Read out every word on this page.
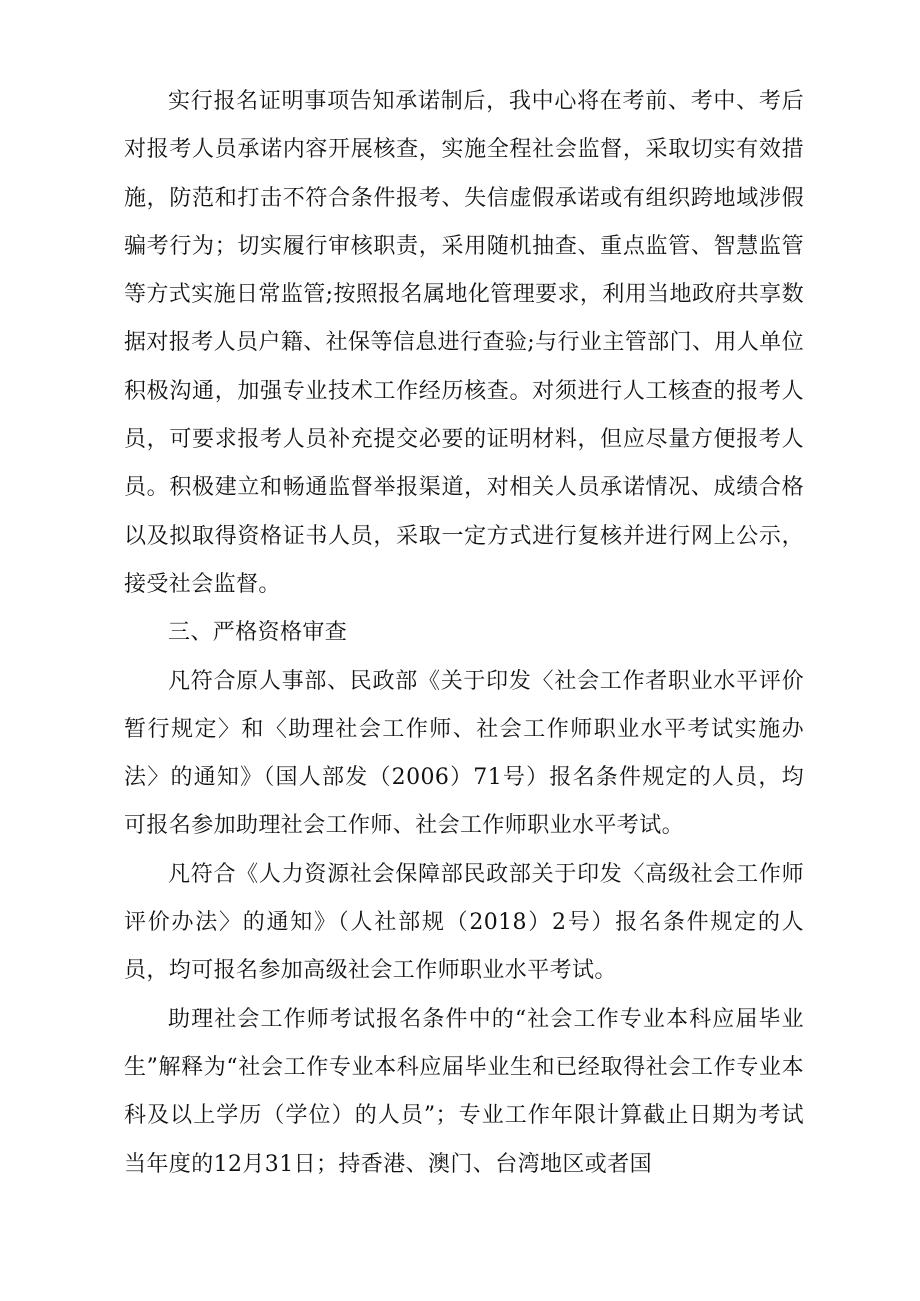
实行报名证明事项告知承诺制后，我中心将在考前、考中、考后对报考人员承诺内容开展核查，实施全程社会监督，采取切实有效措施，防范和打击不符合条件报考、失信虚假承诺或有组织跨地域涉假骗考行为；切实履行审核职责，采用随机抽查、重点监管、智慧监管等方式实施日常监管;按照报名属地化管理要求，利用当地政府共享数据对报考人员户籍、社保等信息进行查验;与行业主管部门、用人单位积极沟通，加强专业技术工作经历核查。对须进行人工核查的报考人员，可要求报考人员补充提交必要的证明材料，但应尽量方便报考人员。积极建立和畅通监督举报渠道，对相关人员承诺情况、成绩合格以及拟取得资格证书人员，采取一定方式进行复核并进行网上公示，接受社会监督。

三、严格资格审查

凡符合原人事部、民政部《关于印发〈社会工作者职业水平评价暂行规定〉和〈助理社会工作师、社会工作师职业水平考试实施办法〉的通知》（国人部发（2006）71号）报名条件规定的人员，均可报名参加助理社会工作师、社会工作师职业水平考试。

凡符合《人力资源社会保障部民政部关于印发〈高级社会工作师评价办法〉的通知》（人社部规（2018）2号）报名条件规定的人员，均可报名参加高级社会工作师职业水平考试。

助理社会工作师考试报名条件中的“社会工作专业本科应届毕业生”解释为“社会工作专业本科应届毕业生和已经取得社会工作专业本科及以上学历（学位）的人员”；专业工作年限计算截止日期为考试当年度的12月31日；持香港、澳门、台湾地区或者国
